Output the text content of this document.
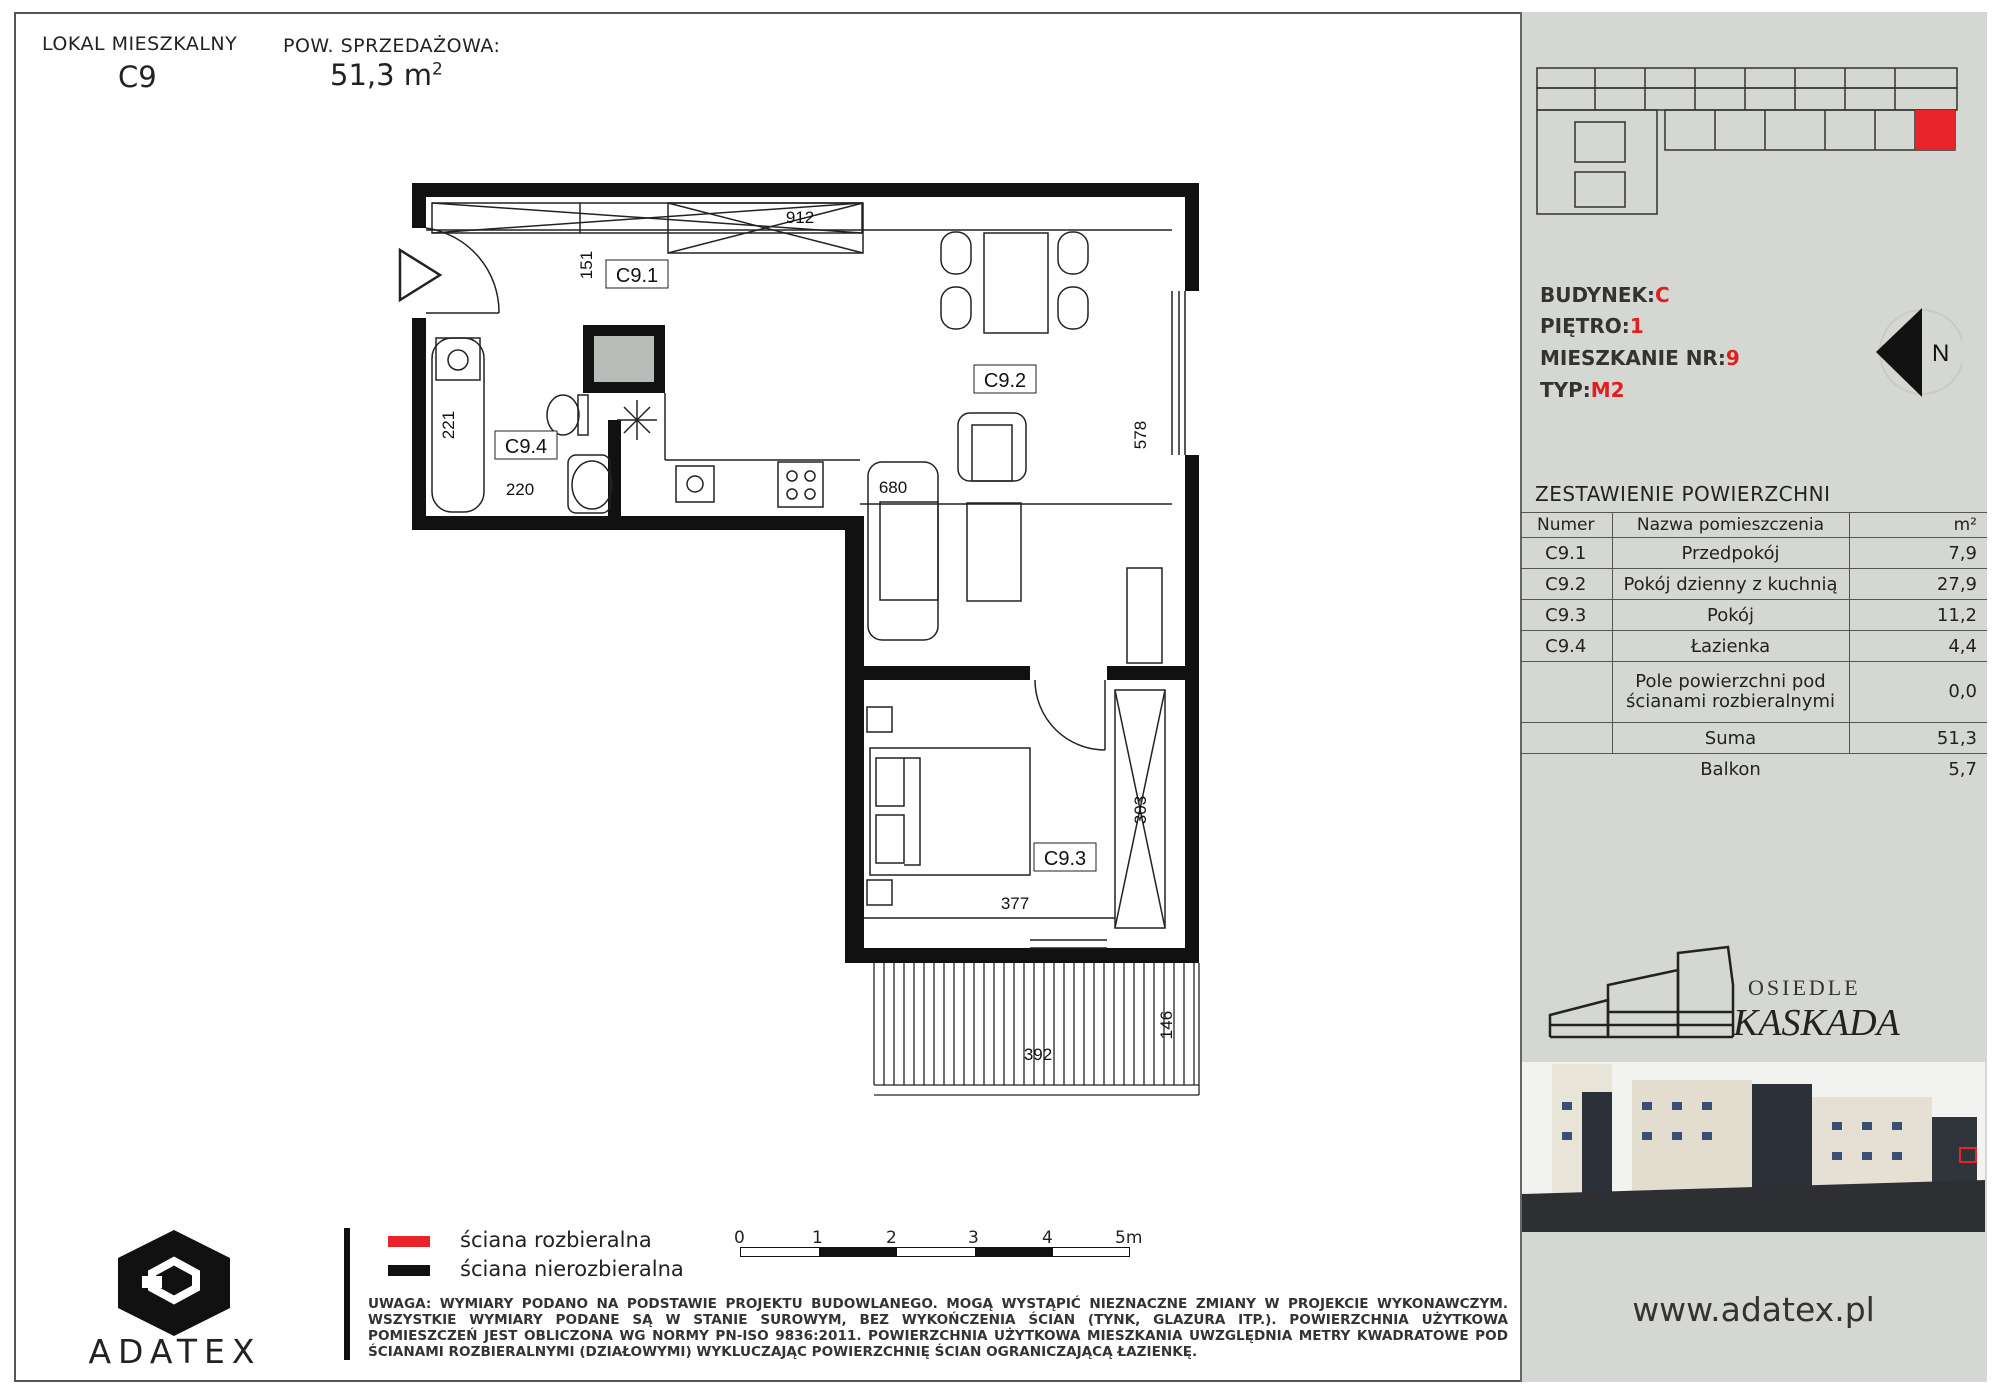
LOKAL MIESZKALNY
C9
POW. SPRZEDAŻOWA:
51,3 $m^2$
C9.1
C9.2
C9.3
C9.4
912
151
578
680
221
220
303
377
392
146
BUDYNEK:C
PIĘTRO:1
MIESZKANIE NR:9
TYP:M2
N
ZESTAWIENIE POWIERZCHNI
Numer	Nazwa pomieszczenia	m²
C9.1	Przedpokój	7,9
C9.2	Pokój dzienny z kuchnią	27,9
C9.3	Pokój	11,2
C9.4	Łazienka	4,4
	Pole powierzchni pod
ścianami rozbieralnymi	0,0
	Suma	51,3
	Balkon	5,7
OSIEDLE
KASKADA
ściana rozbieralna
ściana nierozbieralna
0	1	2	3	4	5m
UWAGA: WYMIARY PODANO NA PODSTAWIE PROJEKTU BUDOWLANEGO. MOGĄ WYSTĄPIĆ NIEZNACZNE ZMIANY W PROJEKCIE WYKONAWCZYM. WSZYSTKIE WYMIARY PODANE SĄ W STANIE SUROWYM, BEZ WYKOŃCZENIA ŚCIAN (TYNK, GLAZURA ITP.). POWIERZCHNIA UŻYTKOWA POMIESZCZEŃ JEST OBLICZONA WG NORMY PN-ISO 9836:2011. POWIERZCHNIA UŻYTKOWA MIESZKANIA UWZGLĘDNIA METRY KWADRATOWE POD ŚCIANAMI ROZBIERALNYMI (DZIAŁOWYMI) WYKLUCZAJĄC POWIERZCHNIĘ ŚCIAN OGRANICZAJĄCĄ ŁAZIENKĘ.
ADATEX
www.adatex.pl
